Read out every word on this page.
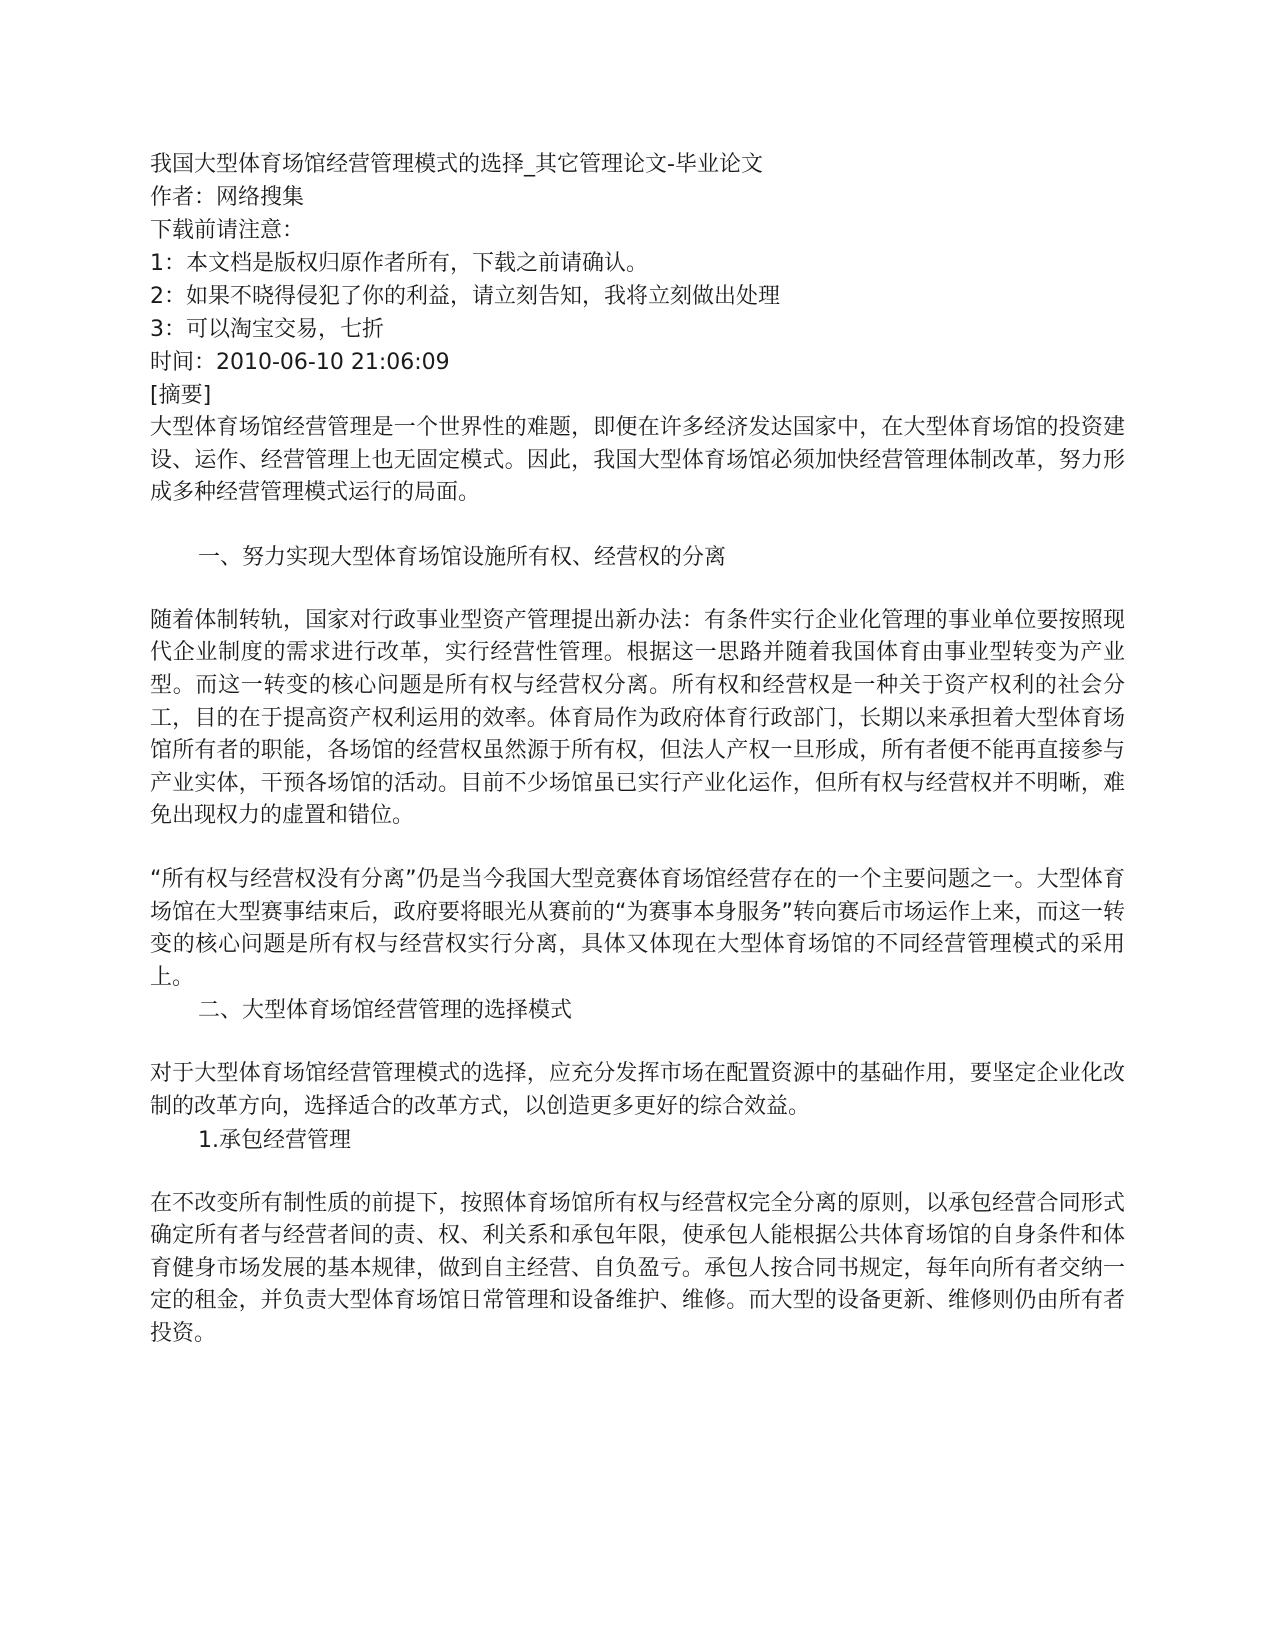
我国大型体育场馆经营管理模式的选择_其它管理论文-毕业论文

作者：网络搜集

下载前请注意：

1：本文档是版权归原作者所有，下载之前请确认。

2：如果不晓得侵犯了你的利益，请立刻告知，我将立刻做出处理

3：可以淘宝交易，七折

时间：2010-06-10 21:06:09

[摘要]

大型体育场馆经营管理是一个世界性的难题，即便在许多经济发达国家中，在大型体育场馆的投资建设、运作、经营管理上也无固定模式。因此，我国大型体育场馆必须加快经营管理体制改革，努力形成多种经营管理模式运行的局面。

一、努力实现大型体育场馆设施所有权、经营权的分离

随着体制转轨，国家对行政事业型资产管理提出新办法：有条件实行企业化管理的事业单位要按照现代企业制度的需求进行改革，实行经营性管理。根据这一思路并随着我国体育由事业型转变为产业型。而这一转变的核心问题是所有权与经营权分离。所有权和经营权是一种关于资产权利的社会分工，目的在于提高资产权利运用的效率。体育局作为政府体育行政部门，长期以来承担着大型体育场馆所有者的职能，各场馆的经营权虽然源于所有权，但法人产权一旦形成，所有者便不能再直接参与产业实体，干预各场馆的活动。目前不少场馆虽已实行产业化运作，但所有权与经营权并不明晰，难免出现权力的虚置和错位。

“所有权与经营权没有分离”仍是当今我国大型竞赛体育场馆经营存在的一个主要问题之一。大型体育场馆在大型赛事结束后，政府要将眼光从赛前的“为赛事本身服务”转向赛后市场运作上来，而这一转变的核心问题是所有权与经营权实行分离，具体又体现在大型体育场馆的不同经营管理模式的采用上。

二、大型体育场馆经营管理的选择模式

对于大型体育场馆经营管理模式的选择，应充分发挥市场在配置资源中的基础作用，要坚定企业化改制的改革方向，选择适合的改革方式，以创造更多更好的综合效益。

1.承包经营管理

在不改变所有制性质的前提下，按照体育场馆所有权与经营权完全分离的原则，以承包经营合同形式确定所有者与经营者间的责、权、利关系和承包年限，使承包人能根据公共体育场馆的自身条件和体育健身市场发展的基本规律，做到自主经营、自负盈亏。承包人按合同书规定，每年向所有者交纳一定的租金，并负责大型体育场馆日常管理和设备维护、维修。而大型的设备更新、维修则仍由所有者投资。
